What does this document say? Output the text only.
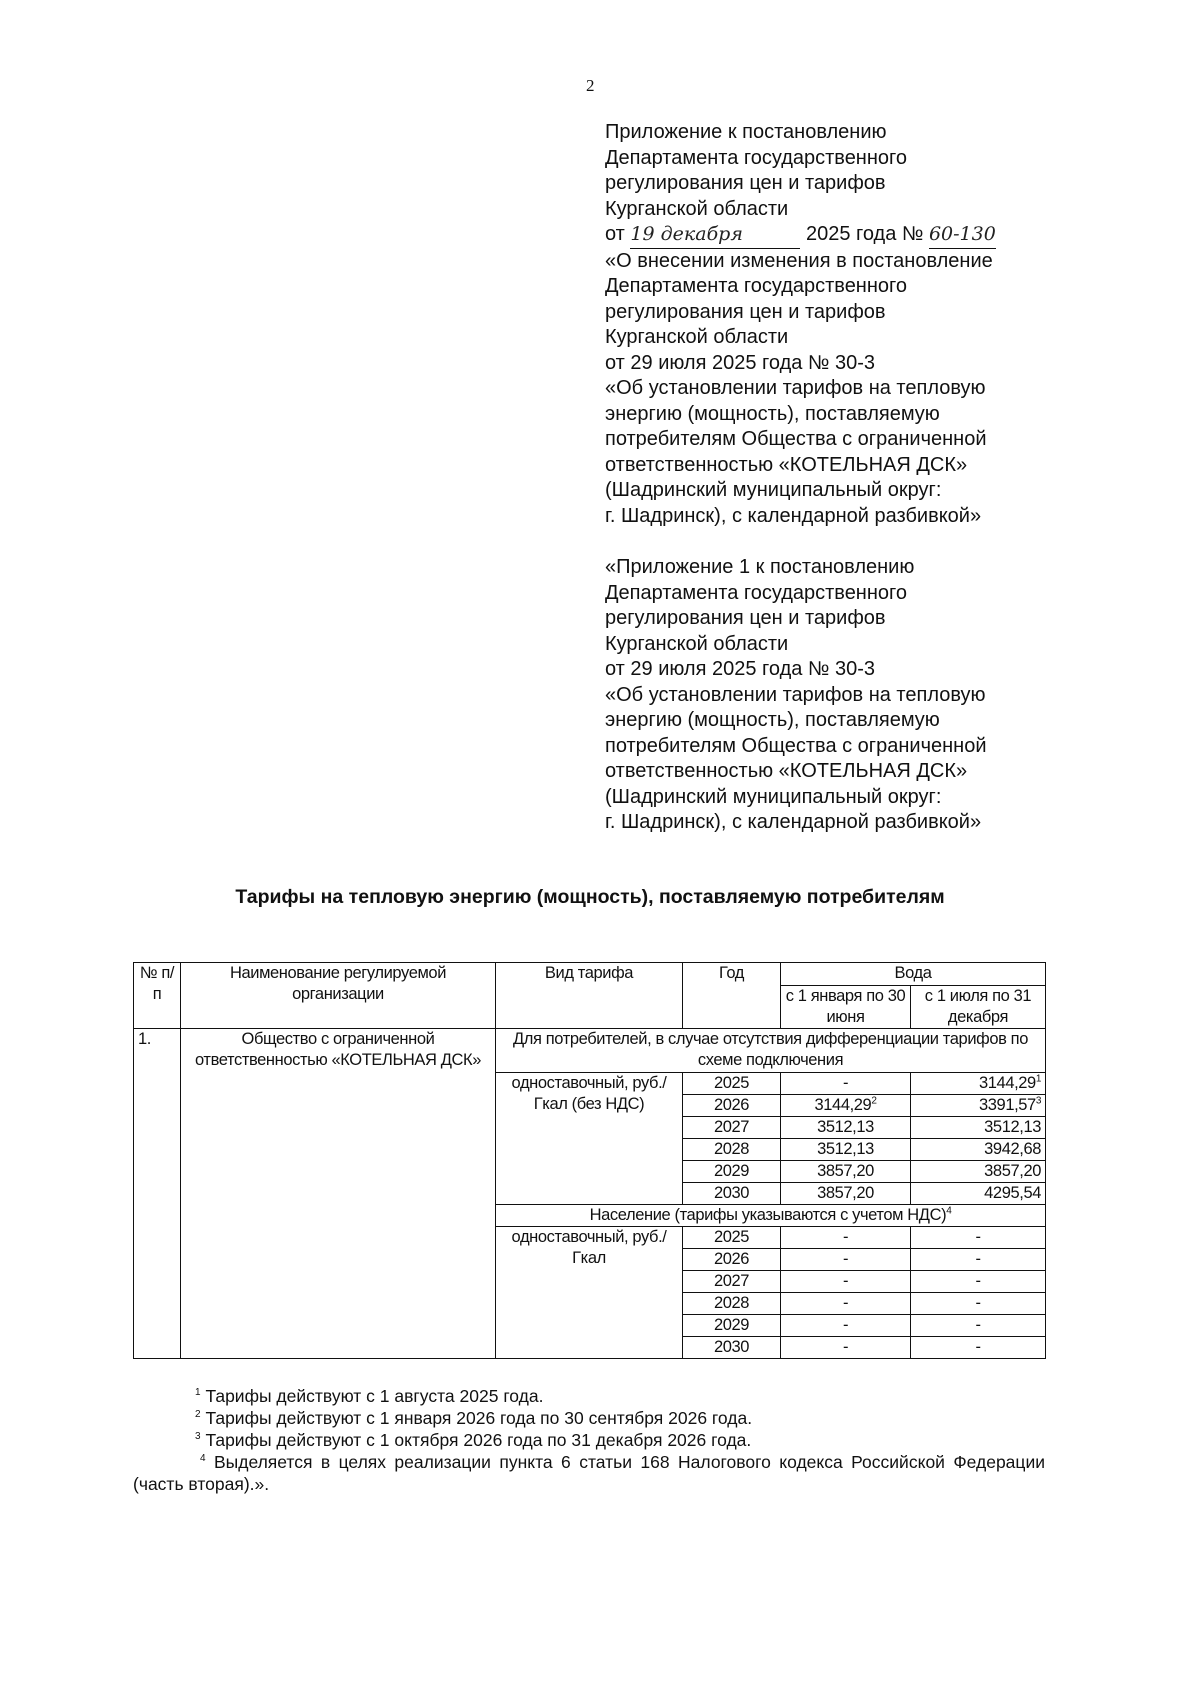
2
Приложение к постановлению
Департамента государственного
регулирования цен и тарифов
Курганской области
от 19 декабря	2025 года № 60-130
«О внесении изменения в постановление
Департамента государственного
регулирования цен и тарифов
Курганской области
от 29 июля 2025 года № 30-3
«Об установлении тарифов на тепловую
энергию (мощность), поставляемую
потребителям Общества с ограниченной
ответственностью «КОТЕЛЬНАЯ ДСК»
(Шадринский муниципальный округ:
г. Шадринск), с календарной разбивкой»
«Приложение 1 к постановлению
Департамента государственного
регулирования цен и тарифов
Курганской области
от 29 июля 2025 года № 30-3
«Об установлении тарифов на тепловую
энергию (мощность), поставляемую
потребителям Общества с ограниченной
ответственностью «КОТЕЛЬНАЯ ДСК»
(Шадринский муниципальный округ:
г. Шадринск), с календарной разбивкой»
Тарифы на тепловую энергию (мощность), поставляемую потребителям
№ п/п	Наименование регулируемой организации	Вид тарифа	Год	Вода	
				с 1 января по 30 июня	с 1 июля по 31 декабря
1.	Общество с ограниченной ответственностью «КОТЕЛЬНАЯ ДСК»	Для потребителей, в случае отсутствия дифференциации тарифов по схеме подключения			
		одноставочный, руб./Гкал (без НДС)	2025	-	3144,29$^1$
			2026	3144,29$^2$	3391,57$^3$
			2027	3512,13	3512,13
			2028	3512,13	3942,68
			2029	3857,20	3857,20
			2030	3857,20	4295,54
		Население (тарифы указываются с учетом НДС)$^4$
		одноставочный, руб./Гкал	2025	-	-
			2026	-	-
			2027	-	-
			2028	-	-
			2029	-	-
			2030	-	-
$^1$ Тарифы действуют с 1 августа 2025 года.
$^2$ Тарифы действуют с 1 января 2026 года по 30 сентября 2026 года.
$^3$ Тарифы действуют с 1 октября 2026 года по 31 декабря 2026 года.
$^4$ Выделяется в целях реализации пункта 6 статьи 168 Налогового кодекса Российской Федерации (часть вторая).».
